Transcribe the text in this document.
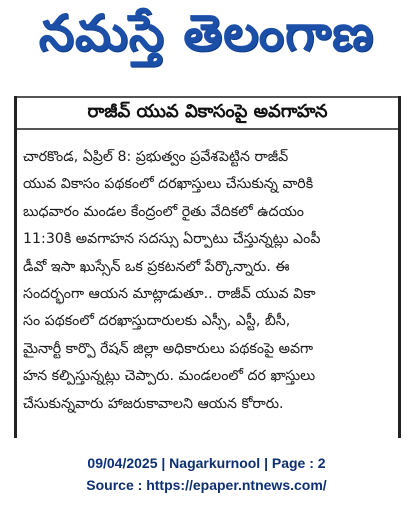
నమస్తే తెలంగాణ
రాజీవ్ యువ వికాసంపై అవగాహన
చారకొండ, ఏప్రిల్ 8: ప్రభుత్వం ప్రవేశపెట్టిన రాజీవ్
యువ వికాసం పథకంలో దరఖాస్తులు చేసుకున్న వారికి
బుధవారం మండల కేంద్రంలో రైతు వేదికలో ఉదయం
11:30కి అవగాహన సదస్సు ఏర్పాటు చేస్తున్నట్లు ఎంపీ
డీవో ఇసా ఖుస్సేన్ ఒక ప్రకటనలో పేర్కొన్నారు. ఈ
సందర్భంగా ఆయన మాట్లాడుతూ.. రాజీవ్ యువ వికా
సం పథకంలో దరఖాస్తుదారులకు ఎస్సీ, ఎస్టీ, బీసీ,
మైనార్టీ కార్పొ రేషన్ జిల్లా అధికారులు పథకంపై అవగా
హన కల్పిస్తున్నట్లు చెప్పారు. మండలంలో దర ఖాస్తులు
చేసుకున్నవారు హాజరుకావాలని ఆయన కోరారు.
09/04/2025 | Nagarkurnool | Page : 2
Source : https://epaper.ntnews.com/
